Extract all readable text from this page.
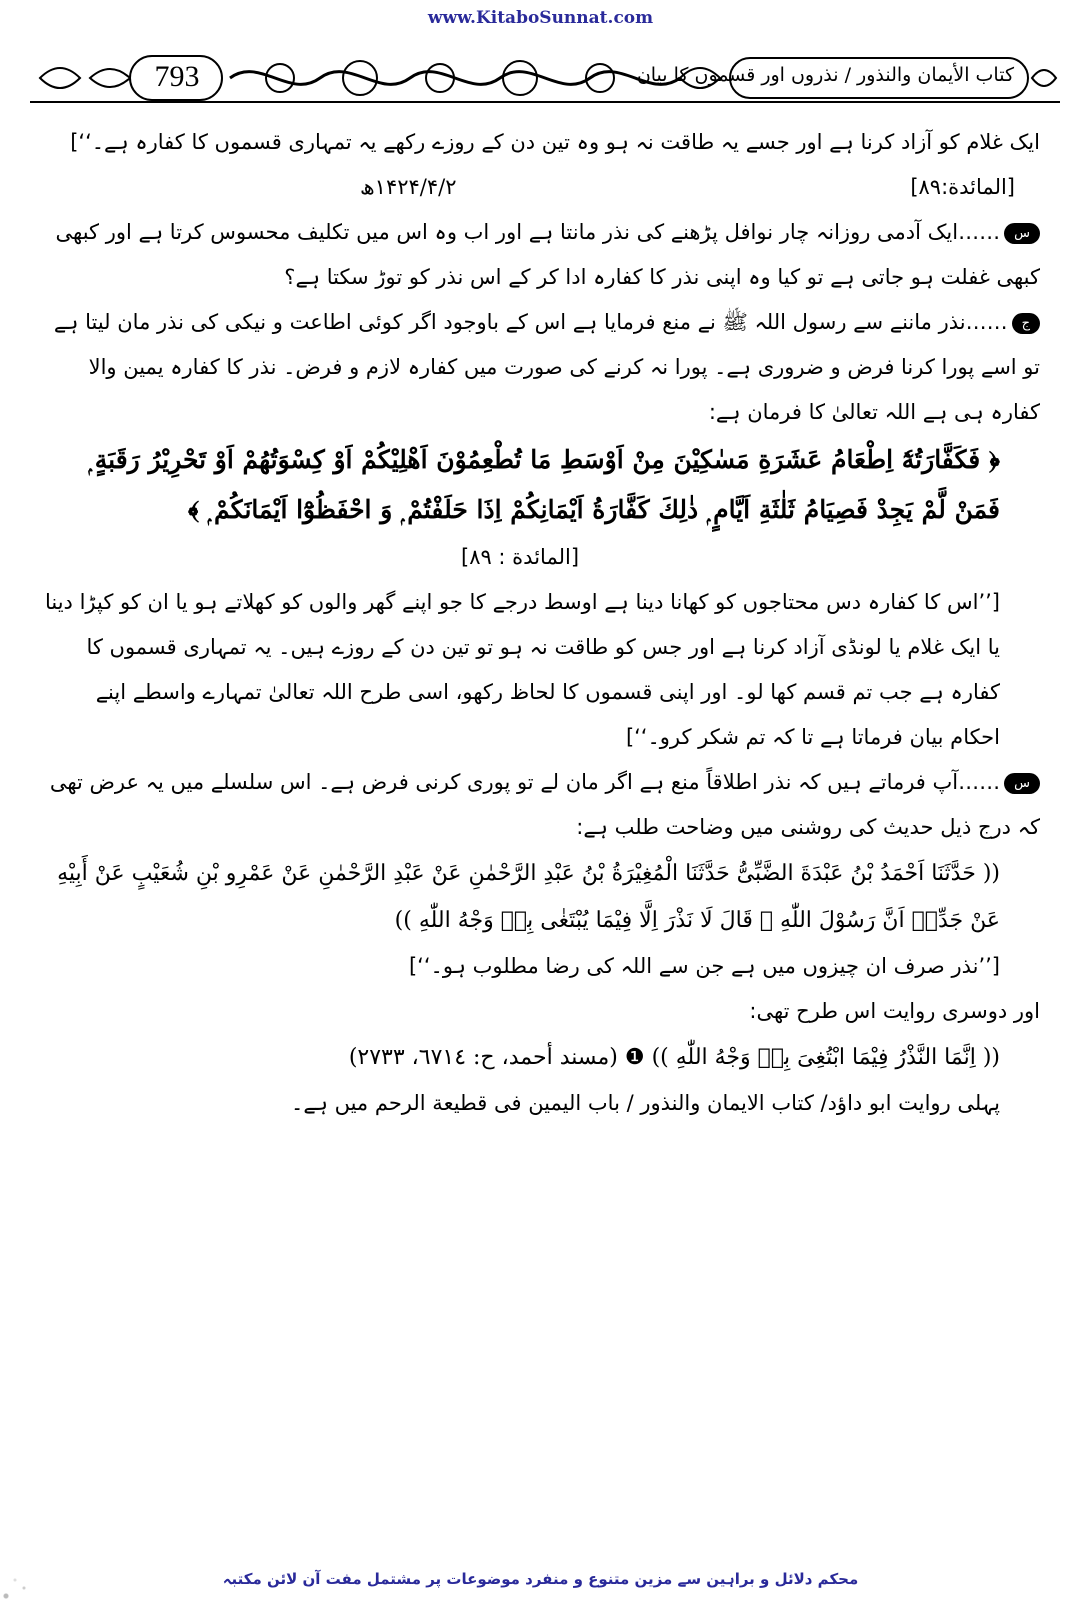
www.KitaboSunnat.com
793	کتاب الأیمان والنذور / نذروں اور قسموں کا بیان

ایک غلام کو آزاد کرنا ہے اور جسے یہ طاقت نہ ہو وہ تین دن کے روزے رکھے یہ تمہاری قسموں کا کفارہ ہے۔‘‘]

[المائدة:۸۹]
۱۴۲۴/۴/۲ھ

س……ایک آدمی روزانہ چار نوافل پڑھنے کی نذر مانتا ہے اور اب وہ اس میں تکلیف محسوس کرتا ہے اور کبھی کبھی غفلت ہو جاتی ہے تو کیا وہ اپنی نذر کا کفارہ ادا کر کے اس نذر کو توڑ سکتا ہے؟

ج……نذر ماننے سے رسول اللہ ﷺ نے منع فرمایا ہے اس کے باوجود اگر کوئی اطاعت و نیکی کی نذر مان لیتا ہے تو اسے پورا کرنا فرض و ضروری ہے۔ پورا نہ کرنے کی صورت میں کفارہ لازم و فرض۔ نذر کا کفارہ یمین والا کفارہ ہی ہے اللہ تعالیٰ کا فرمان ہے:

﴿ فَكَفَّارَتُهٗٓ اِطْعَامُ عَشَرَةِ مَسٰكِيْنَ مِنْ اَوْسَطِ مَا تُطْعِمُوْنَ اَهْلِيْكُمْ اَوْ كِسْوَتُهُمْ اَوْ تَحْرِيْرُ رَقَبَةٍ ۭ فَمَنْ لَّمْ يَجِدْ فَصِيَامُ ثَلٰثَةِ اَيَّامٍ ۭ ذٰلِكَ كَفَّارَةُ اَيْمَانِكُمْ اِذَا حَلَفْتُمْ ۭ وَ احْفَظُوْٓا اَيْمَانَكُمْ ۭ ﴾

[المائدة : ۸۹]

[’’اس کا کفارہ دس محتاجوں کو کھانا دینا ہے اوسط درجے کا جو اپنے گھر والوں کو کھلاتے ہو یا ان کو کپڑا دینا یا ایک غلام یا لونڈی آزاد کرنا ہے اور جس کو طاقت نہ ہو تو تین دن کے روزے ہیں۔ یہ تمہاری قسموں کا کفارہ ہے جب تم قسم کھا لو۔ اور اپنی قسموں کا لحاظ رکھو، اسی طرح اللہ تعالیٰ تمہارے واسطے اپنے احکام بیان فرماتا ہے تا کہ تم شکر کرو۔‘‘]

س……آپ فرماتے ہیں کہ نذر اطلاقاً منع ہے اگر مان لے تو پوری کرنی فرض ہے۔ اس سلسلے میں یہ عرض تھی کہ درج ذیل حدیث کی روشنی میں وضاحت طلب ہے:

(( حَدَّثَنَا اَحْمَدُ بْنُ عَبْدَةَ الضَّبِّیُّ حَدَّثَنَا الْمُغِيْرَةُ بْنُ عَبْدِ الرَّحْمٰنِ عَنْ عَبْدِ الرَّحْمٰنِ عَنْ عَمْرِو بْنِ شُعَيْبٍ عَنْ أَبِيْهِ عَنْ جَدِّهٖ اَنَّ رَسُوْلَ اللّٰهِ ﷺ قَالَ لَا نَذْرَ اِلَّا فِيْمَا يُبْتَغٰى بِهٖ وَجْهُ اللّٰهِ ))

[’’نذر صرف ان چیزوں میں ہے جن سے اللہ کی رضا مطلوب ہو۔‘‘]

اور دوسری روایت اس طرح تھی:

(( اِنَّمَا النَّذْرُ فِيْمَا ابْتُغِیَ بِهٖ وَجْهُ اللّٰهِ )) ❶ (مسند أحمد، ح: ٦٧١٤، ٢٧٣٣)

پہلی روایت ابو داؤد/ کتاب الایمان والنذور / باب الیمین فی قطیعة الرحم میں ہے۔

محکم دلائل و براہین سے مزین متنوع و منفرد موضوعات پر مشتمل مفت آن لائن مکتبہ
